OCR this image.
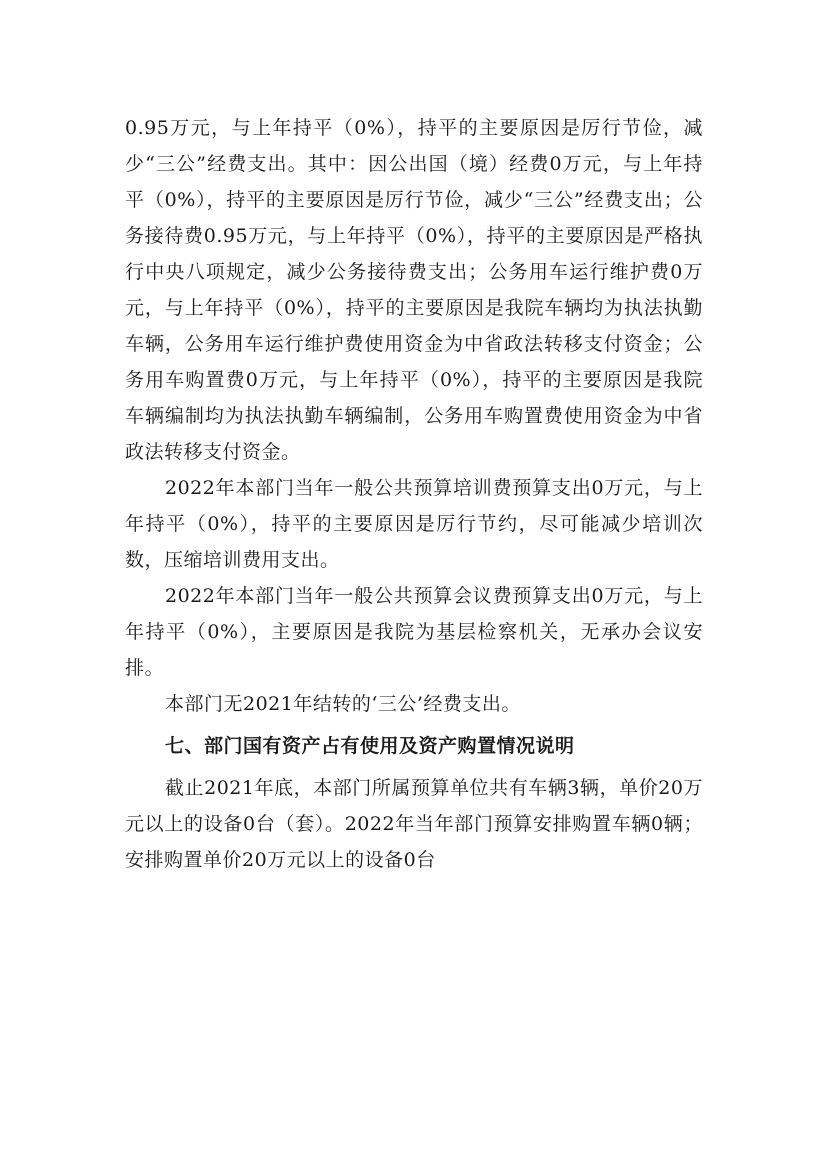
0.95万元，与上年持平（0%），持平的主要原因是厉行节俭，减少“三公”经费支出。其中：因公出国（境）经费0万元，与上年持平（0%），持平的主要原因是厉行节俭，减少“三公”经费支出；公务接待费0.95万元，与上年持平（0%），持平的主要原因是严格执行中央八项规定，减少公务接待费支出；公务用车运行维护费0万元，与上年持平（0%），持平的主要原因是我院车辆均为执法执勤车辆，公务用车运行维护费使用资金为中省政法转移支付资金；公务用车购置费0万元，与上年持平（0%），持平的主要原因是我院车辆编制均为执法执勤车辆编制，公务用车购置费使用资金为中省政法转移支付资金。

2022年本部门当年一般公共预算培训费预算支出0万元，与上年持平（0%），持平的主要原因是厉行节约，尽可能减少培训次数，压缩培训费用支出。

2022年本部门当年一般公共预算会议费预算支出0万元，与上年持平（0%），主要原因是我院为基层检察机关，无承办会议安排。

本部门无2021年结转的‘三公’经费支出。

七、部门国有资产占有使用及资产购置情况说明

截止2021年底，本部门所属预算单位共有车辆3辆，单价20万元以上的设备0台（套）。2022年当年部门预算安排购置车辆0辆；安排购置单价20万元以上的设备0台
